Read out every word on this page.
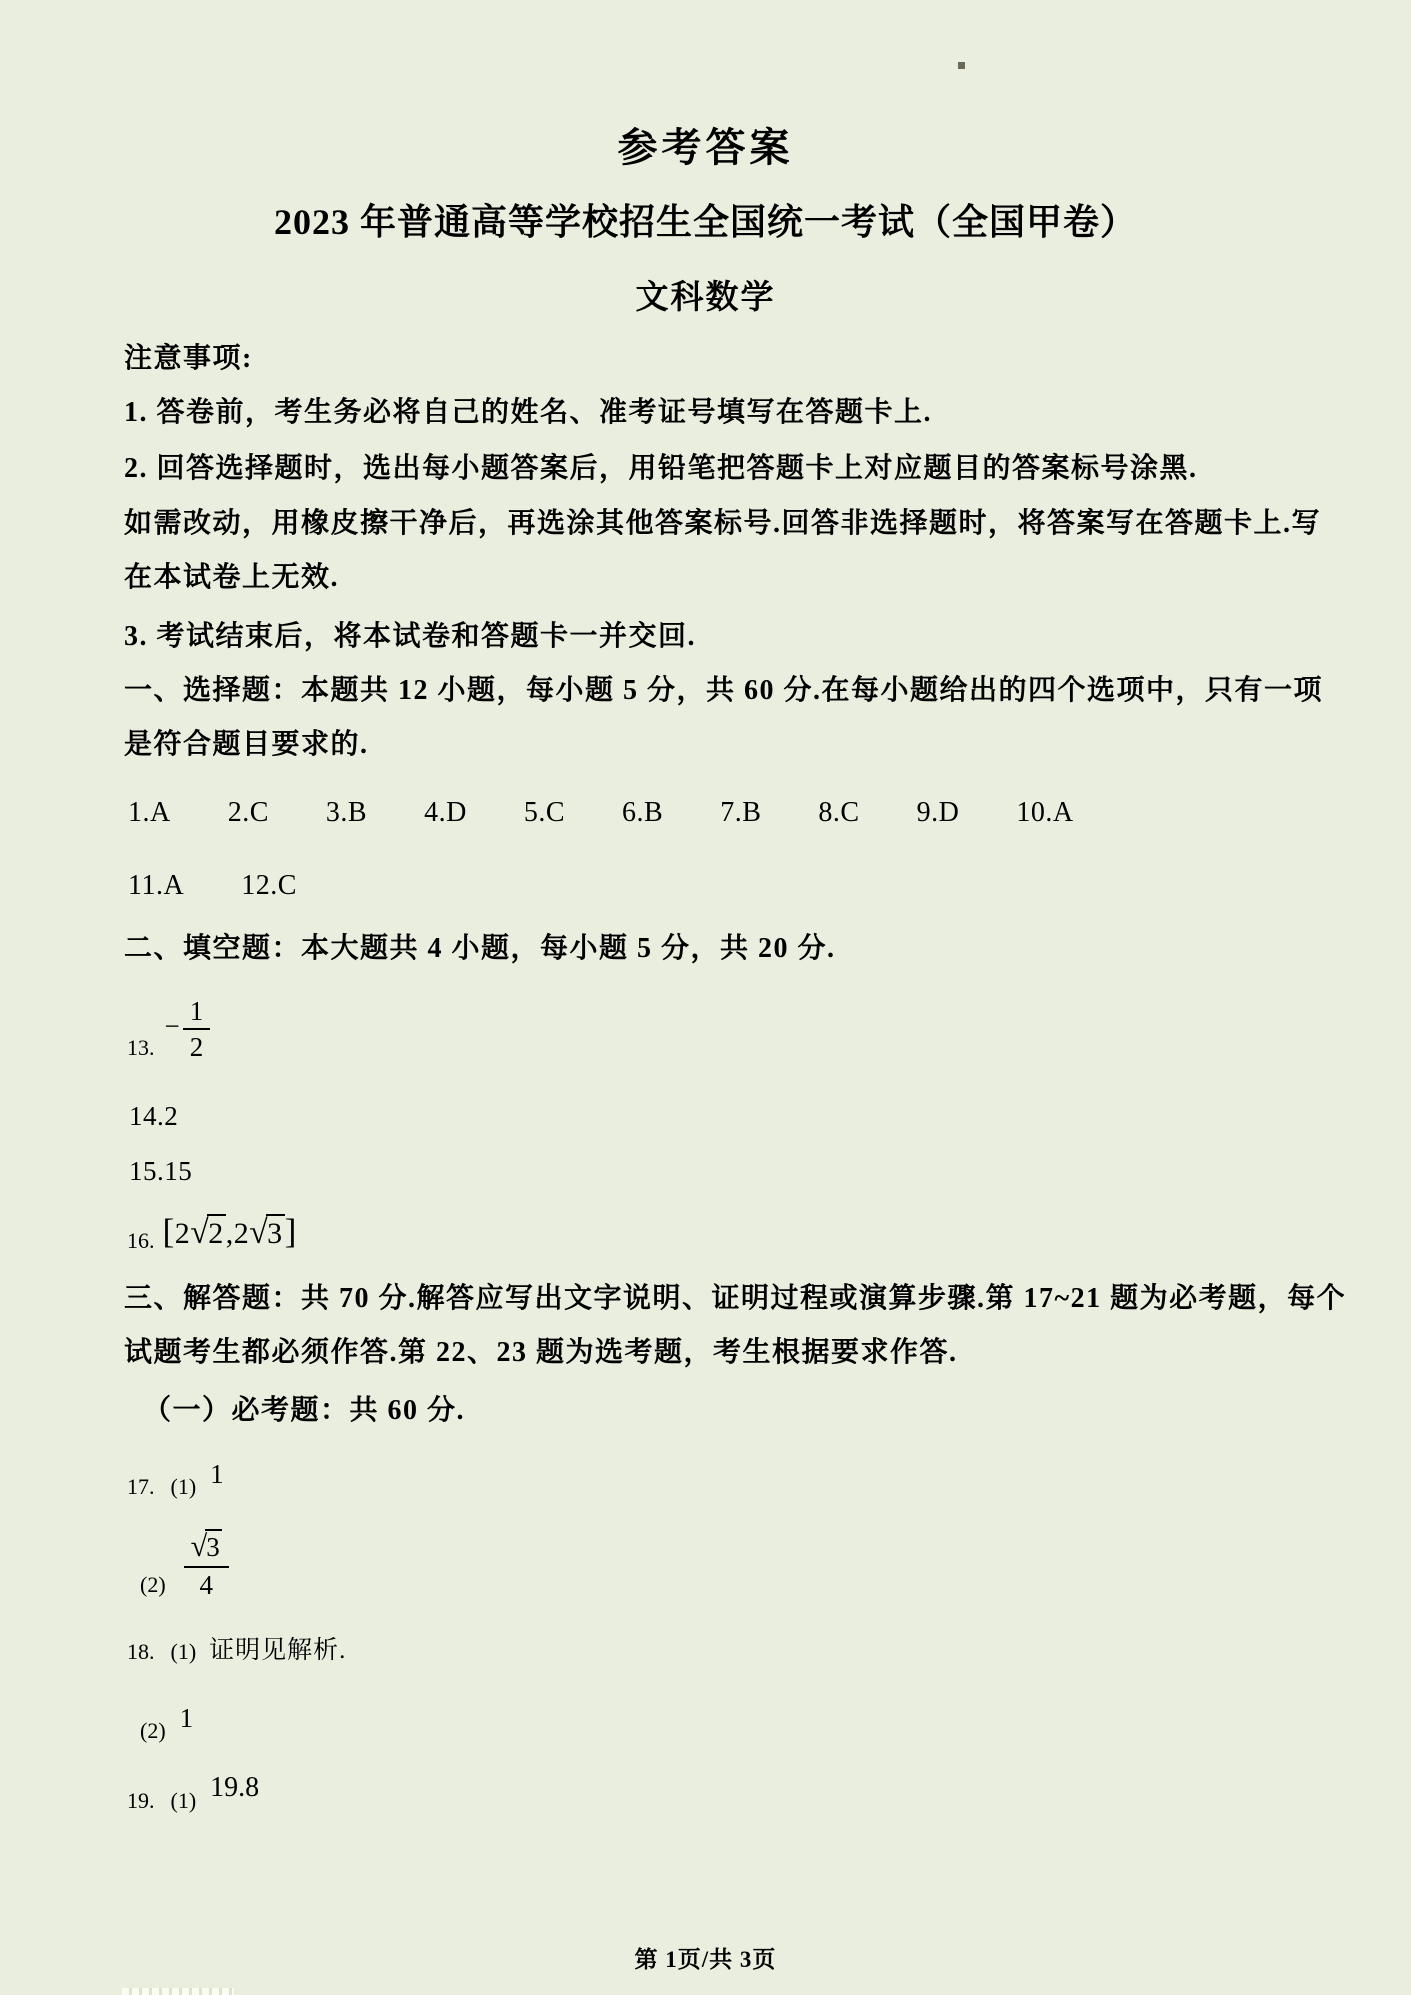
参考答案
2023 年普通高等学校招生全国统一考试（全国甲卷）
文科数学
注意事项:
1. 答卷前，考生务必将自己的姓名、准考证号填写在答题卡上.
2. 回答选择题时，选出每小题答案后，用铅笔把答题卡上对应题目的答案标号涂黑.
如需改动，用橡皮擦干净后，再选涂其他答案标号.回答非选择题时，将答案写在答题卡上.写
在本试卷上无效.
3. 考试结束后，将本试卷和答题卡一并交回.
一、选择题：本题共 12 小题，每小题 5 分，共 60 分.在每小题给出的四个选项中，只有一项
是符合题目要求的.
1.A 2.C 3.B 4.D 5.C 6.B 7.B 8.C 9.D 10.A
11.A 12.C
二、填空题：本大题共 4 小题，每小题 5 分，共 20 分.
13.
− $\frac{1}{2}$
14.2
15.15
16. [2√2,2√3]
三、解答题：共 70 分.解答应写出文字说明、证明过程或演算步骤.第 17~21 题为必考题，每个
试题考生都必须作答.第 22、23 题为选考题，考生根据要求作答.
（一）必考题：共 60 分.
17. (1) 1
$(2) \frac{√3}{4}$
18. (1) 证明见解析.
(2) 1
19. (1) 19.8
第 1页/共 3页
